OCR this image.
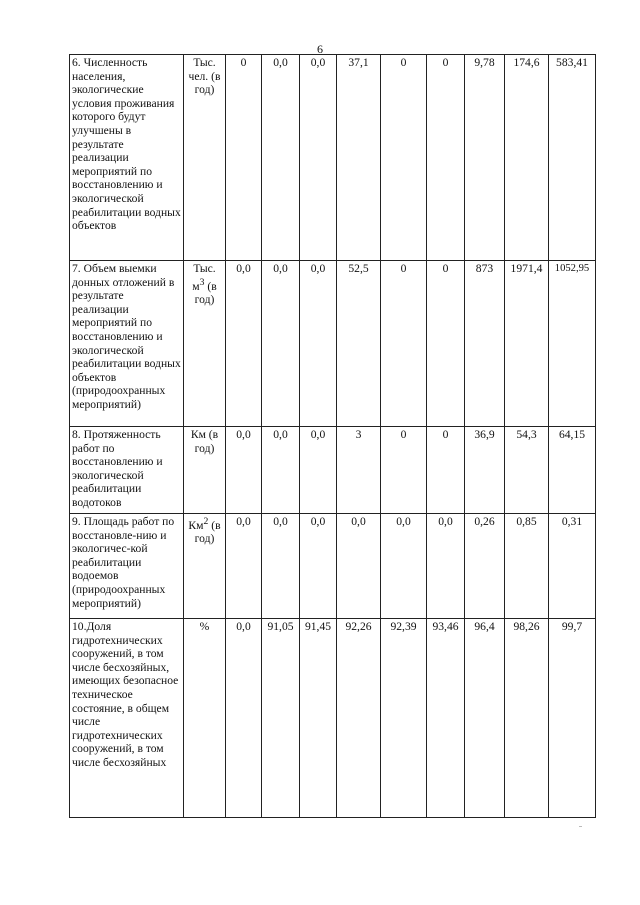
6
6. Численность населения, экологические условия проживания которого будут улучшены в результате реализации мероприятий по восстановлению и экологической реабилитации водных объектов	Тыс. чел. (в год)	0	0,0	0,0	37,1	0	0	9,78	174,6	583,41
7. Объем выемки донных отложений в результате реализации мероприятий по восстановлению и экологической реабилитации водных объектов (природоохранных мероприятий)	Тыс. $м^3$ (в год)	0,0	0,0	0,0	52,5	0	0	873	1971,4	1052,95
8. Протяженность работ по восстановлению и экологической реабилитации водотоков	Км (в год)	0,0	0,0	0,0	3	0	0	36,9	54,3	64,15
9. Площадь работ по восстановле-нию и экологичес-кой реабилитации водоемов (природоохранных мероприятий)	$Км^2$ (в год)	0,0	0,0	0,0	0,0	0,0	0,0	0,26	0,85	0,31
10.Доля гидротехнических сооружений, в том числе бесхозяйных, имеющих безопасное техническое состояние, в общем числе гидротехнических сооружений, в том числе бесхозяйных	%	0,0	91,05	91,45	92,26	92,39	93,46	96,4	98,26	99,7
